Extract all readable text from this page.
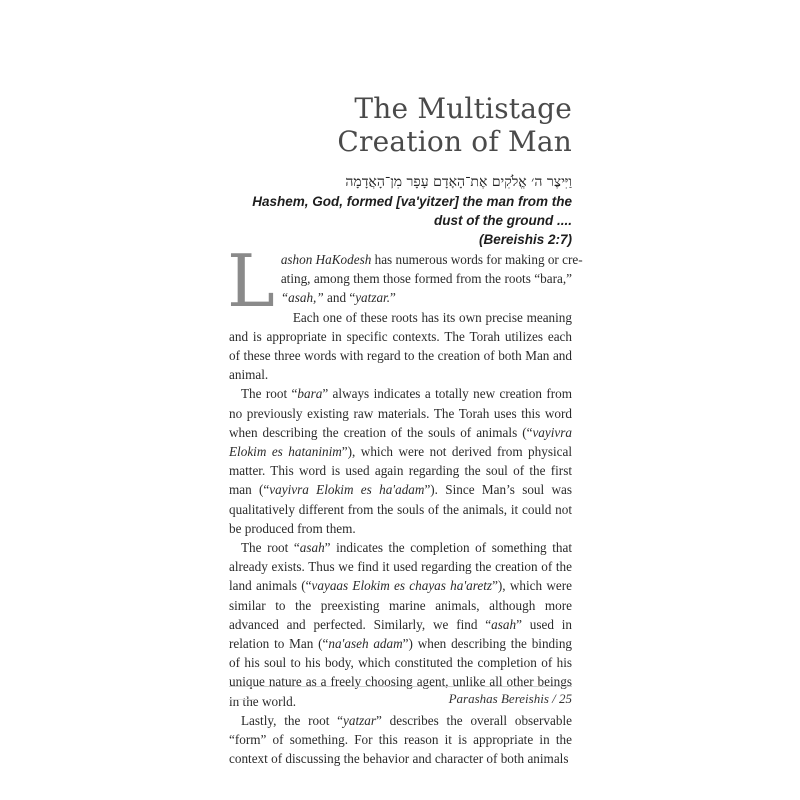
The Multistage
Creation of Man
וַיִּיצֶר ה׳ אֱלֹקִים אֶת־הָאָדָם עָפָר מִן־הָאֲדָמָה
Hashem, God, formed [va'yitzer] the man from the
dust of the ground ....
(Bereishis 2:7)

L ashon HaKodesh has numerous words for making or cre-
ating, among them those formed from the roots “bara,”
“asah,” and “yatzar.”

Each one of these roots has its own precise meaning and is appropriate in specific contexts. The Torah utilizes each of these three words with regard to the creation of both Man and animal.

The root “bara” always indicates a totally new creation from no previously existing raw materials. The Torah uses this word when describing the creation of the souls of animals (“vayivra Elokim es hataninim”), which were not derived from physical matter. This word is used again regarding the soul of the first man (“vayivra Elokim es ha'adam”). Since Man’s soul was qualitatively different from the souls of the animals, it could not be produced from them.

The root “asah” indicates the completion of something that already exists. Thus we find it used regarding the creation of the land animals (“vayaas Elokim es chayas ha'aretz”), which were similar to the preexisting marine animals, although more advanced and perfected. Similarly, we find “asah” used in relation to Man (“na'aseh adam”) when describing the binding of his soul to his body, which constituted the completion of his unique nature as a freely choosing agent, unlike all other beings in the world.

Lastly, the root “yatzar” describes the overall observable “form” of something. For this reason it is appropriate in the context of discussing the behavior and character of both animals

Parashas Bereishis / 25
